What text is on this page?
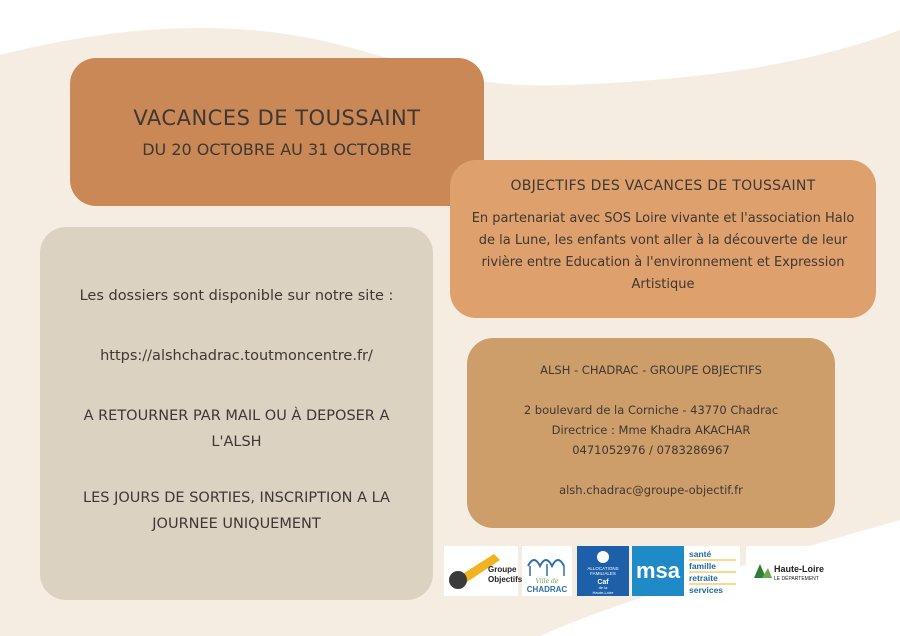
VACANCES DE TOUSSAINT
DU 20 OCTOBRE AU 31 OCTOBRE
OBJECTIFS DES VACANCES DE TOUSSAINT
En partenariat avec SOS Loire vivante et l'association Halo de la Lune, les enfants vont aller à la découverte de leur rivière entre Education à l'environnement et Expression Artistique
Les dossiers sont disponible sur notre site :
https://alshchadrac.toutmoncentre.fr/
A RETOURNER PAR MAIL OU À DEPOSER A L'ALSH
LES JOURS DE SORTIES, INSCRIPTION A LA JOURNEE UNIQUEMENT
ALSH - CHADRAC - GROUPE OBJECTIFS
2 boulevard de la Corniche - 43770 Chadrac
Directrice : Mme Khadra AKACHAR
0471052976 / 0783286967
alsh.chadrac@groupe-objectif.fr
Groupe
Objectifs Ville de
CHADRAC
ALLOCATIONS
FAMILIALES
Caf
de la
Haute-Loire
msa
santé
famille
retraite
services
Haute-Loire
LE DÉPARTEMENT
